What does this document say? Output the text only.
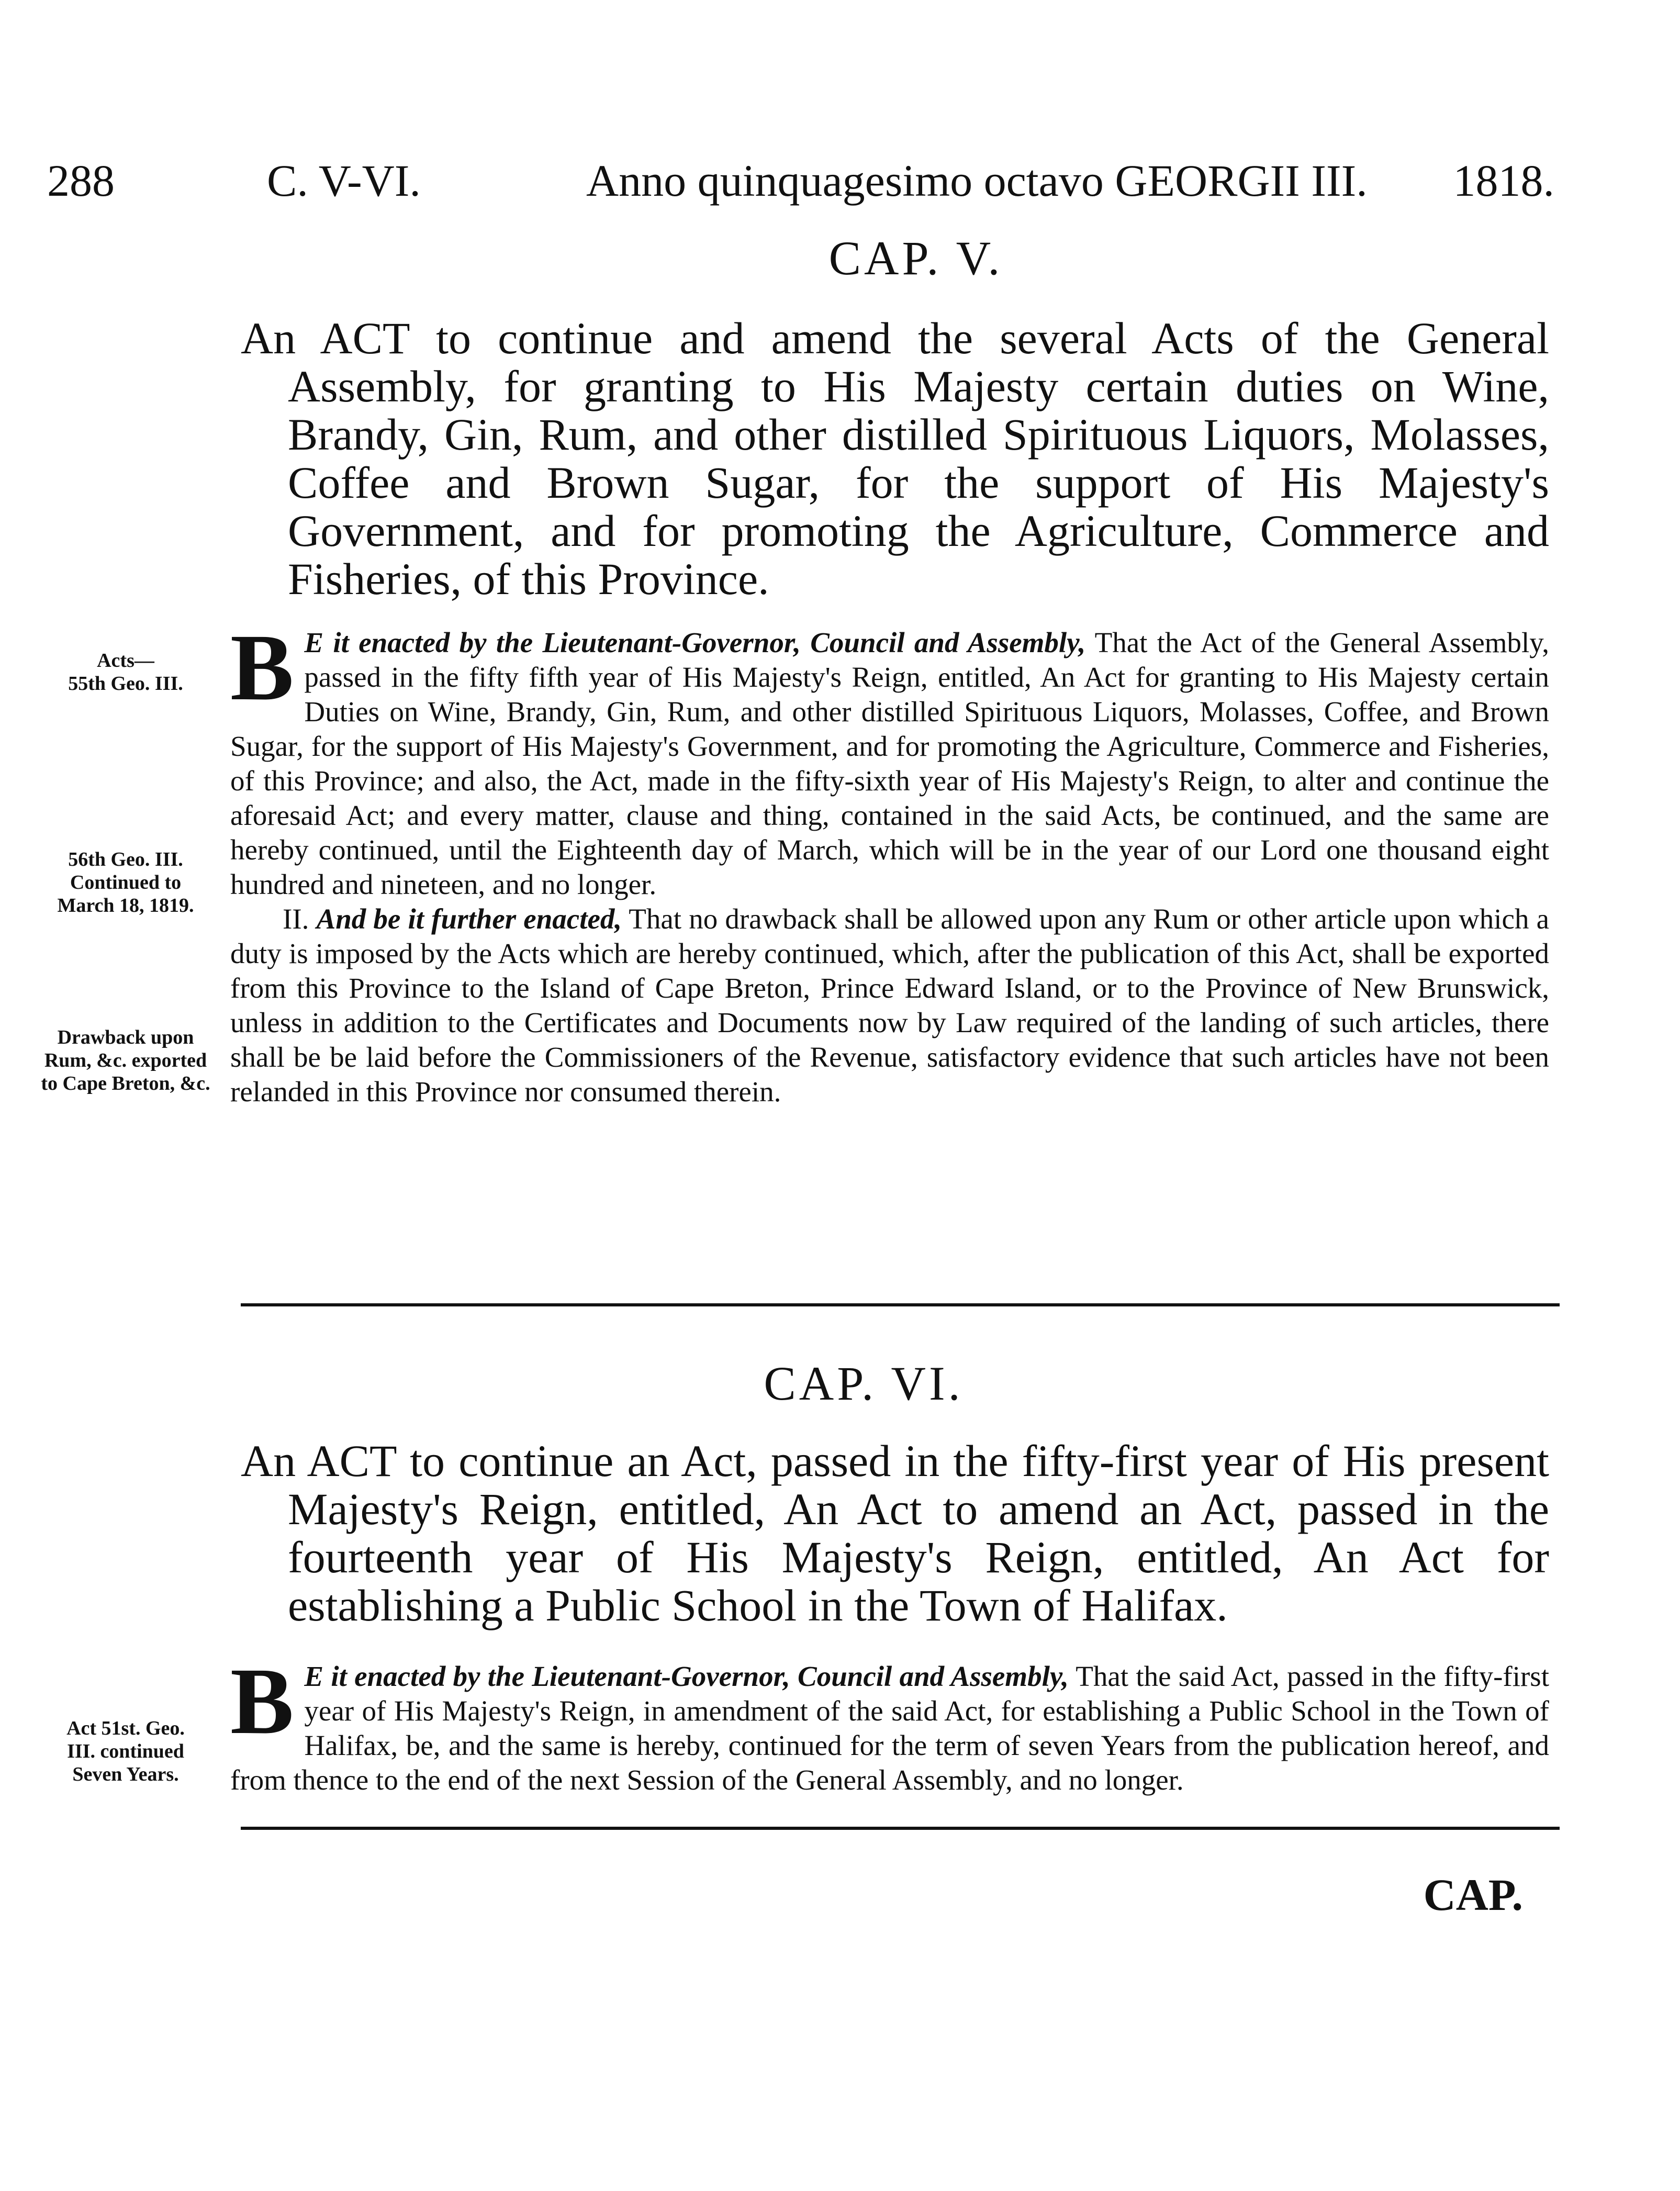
288	C. V-VI.	Anno quinquagesimo octavo GEORGII III. 1818.
CAP. V.

An ACT to continue and amend the several Acts of the General Assembly, for granting to His Majesty certain duties on Wine, Brandy, Gin, Rum, and other distilled Spirituous Liquors, Molasses, Coffee and Brown Sugar, for the support of His Majesty's Government, and for promoting the Agriculture, Commerce and Fisheries, of this Province.

Acts—
55th Geo. III.
56th Geo. III.
Continued to
March 18, 1819.
Drawback upon Rum, &c. exported to Cape Breton, &c.

B E it enacted by the Lieutenant-Governor, Council and Assembly, That the Act of the General Assembly, passed in the fifty fifth year of His Majesty's Reign, entitled, An Act for granting to His Majesty certain Duties on Wine, Brandy, Gin, Rum, and other distilled Spirituous Liquors, Molasses, Coffee, and Brown Sugar, for the support of His Majesty's Government, and for promoting the Agriculture, Commerce and Fisheries, of this Province; and also, the Act, made in the fifty-sixth year of His Majesty's Reign, to alter and continue the aforesaid Act; and every matter, clause and thing, contained in the said Acts, be continued, and the same are hereby continued, until the Eighteenth day of March, which will be in the year of our Lord one thousand eight hundred and nineteen, and no longer.

II. And be it further enacted, That no drawback shall be allowed upon any Rum or other article upon which a duty is imposed by the Acts which are hereby continued, which, after the publication of this Act, shall be exported from this Province to the Island of Cape Breton, Prince Edward Island, or to the Province of New Brunswick, unless in addition to the Certificates and Documents now by Law required of the landing of such articles, there shall be be laid before the Commissioners of the Revenue, satisfactory evidence that such articles have not been relanded in this Province nor consumed therein.

CAP. VI.

An ACT to continue an Act, passed in the fifty-first year of His present Majesty's Reign, entitled, An Act to amend an Act, passed in the fourteenth year of His Majesty's Reign, entitled, An Act for establishing a Public School in the Town of Halifax.

Act 51st. Geo.
III. continued
Seven Years.

B E it enacted by the Lieutenant-Governor, Council and Assembly, That the said Act, passed in the fifty-first year of His Majesty's Reign, in amendment of the said Act, for establishing a Public School in the Town of Halifax, be, and the same is hereby, continued for the term of seven Years from the publication hereof, and from thence to the end of the next Session of the General Assembly, and no longer.

CAP.
